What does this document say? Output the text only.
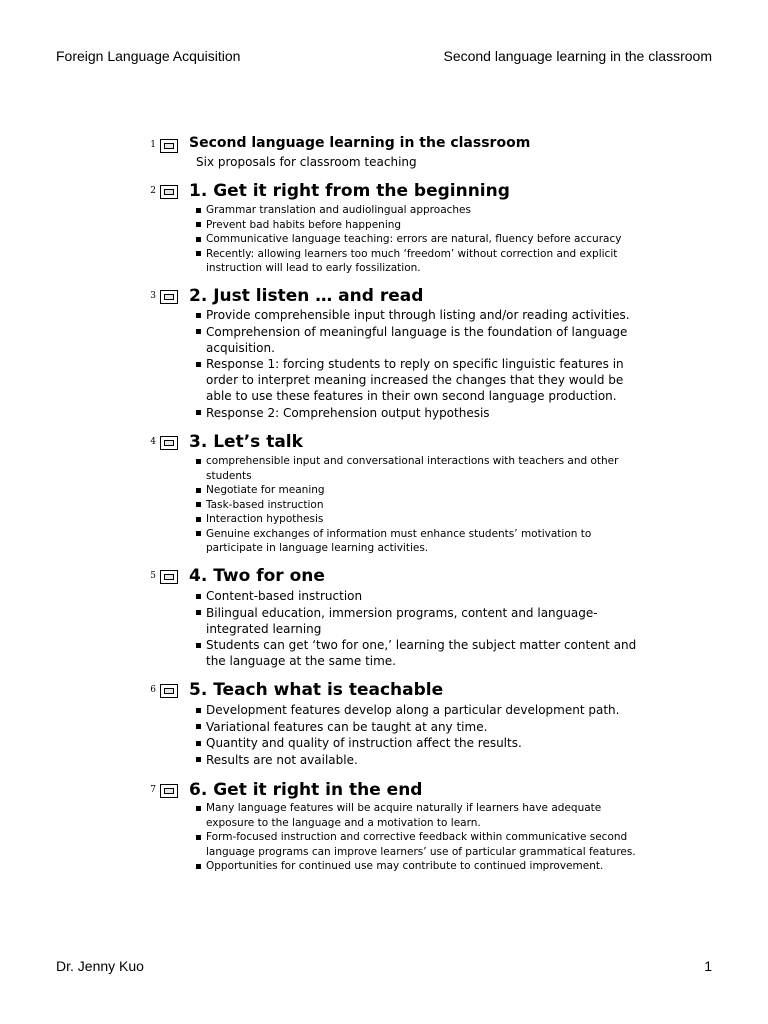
Foreign Language Acquisition	Second language learning in the classroom
1 Second language learning in the classroom
Six proposals for classroom teaching
2 1. Get it right from the beginning
Grammar translation and audiolingual approaches
Prevent bad habits before happening
Communicative language teaching: errors are natural, fluency before accuracy
Recently: allowing learners too much ‘freedom’ without correction and explicit instruction will lead to early fossilization.
3 2. Just listen … and read
Provide comprehensible input through listing and/or reading activities.
Comprehension of meaningful language is the foundation of language acquisition.
Response 1: forcing students to reply on specific linguistic features in order to interpret meaning increased the changes that they would be able to use these features in their own second language production.
Response 2: Comprehension output hypothesis
4 3. Let’s talk
comprehensible input and conversational interactions with teachers and other students
Negotiate for meaning
Task-based instruction
Interaction hypothesis
Genuine exchanges of information must enhance students’ motivation to participate in language learning activities.
5 4. Two for one
Content-based instruction
Bilingual education, immersion programs, content and language-integrated learning
Students can get ‘two for one,’ learning the subject matter content and the language at the same time.
6 5. Teach what is teachable
Development features develop along a particular development path.
Variational features can be taught at any time.
Quantity and quality of instruction affect the results.
Results are not available.
7 6. Get it right in the end
Many language features will be acquire naturally if learners have adequate exposure to the language and a motivation to learn.
Form-focused instruction and corrective feedback within communicative second language programs can improve learners’ use of particular grammatical features.
Opportunities for continued use may contribute to continued improvement.
Dr. Jenny Kuo	1
